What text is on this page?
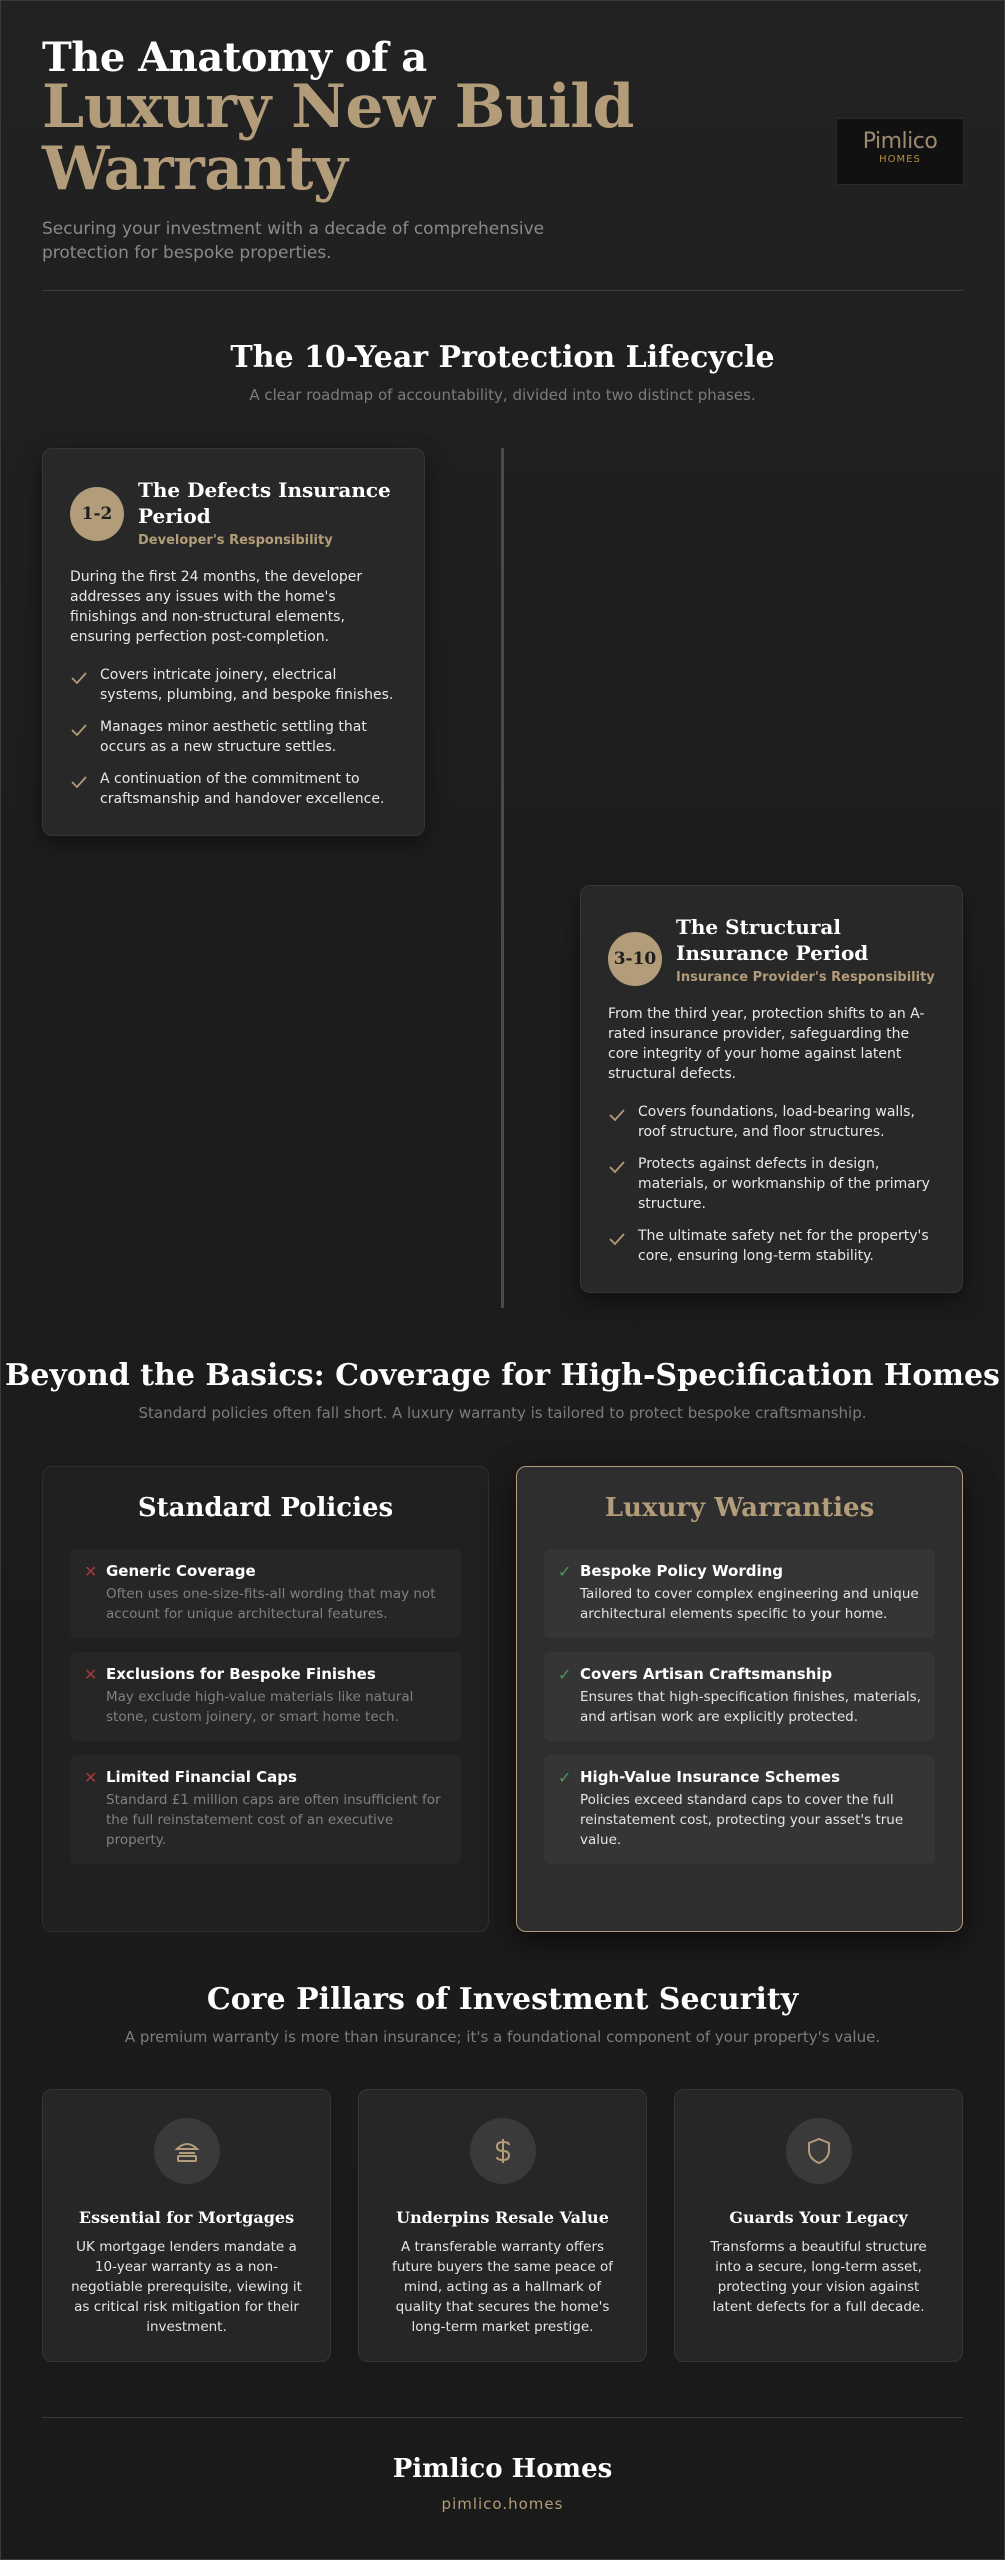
The Anatomy of a
Luxury New Build Warranty
Securing your investment with a decade of comprehensive protection for bespoke properties.
Pimlico
HOMES
The 10-Year Protection Lifecycle
A clear roadmap of accountability, divided into two distinct phases.
1-2
The Defects Insurance Period
Developer's Responsibility
During the first 24 months, the developer addresses any issues with the home's finishings and non-structural elements, ensuring perfection post-completion.
Covers intricate joinery, electrical systems, plumbing, and bespoke finishes.
Manages minor aesthetic settling that occurs as a new structure settles.
A continuation of the commitment to craftsmanship and handover excellence.
3-10
The Structural Insurance Period
Insurance Provider's Responsibility
From the third year, protection shifts to an A-rated insurance provider, safeguarding the core integrity of your home against latent structural defects.
Covers foundations, load-bearing walls, roof structure, and floor structures.
Protects against defects in design, materials, or workmanship of the primary structure.
The ultimate safety net for the property's core, ensuring long-term stability.
Beyond the Basics: Coverage for High-Specification Homes
Standard policies often fall short. A luxury warranty is tailored to protect bespoke craftsmanship.
Standard Policies
✕ Generic Coverage
Often uses one-size-fits-all wording that may not account for unique architectural features.
✕ Exclusions for Bespoke Finishes
May exclude high-value materials like natural stone, custom joinery, or smart home tech.
✕ Limited Financial Caps
Standard £1 million caps are often insufficient for the full reinstatement cost of an executive property.
Luxury Warranties
✓ Bespoke Policy Wording
Tailored to cover complex engineering and unique architectural elements specific to your home.
✓ Covers Artisan Craftsmanship
Ensures that high-specification finishes, materials, and artisan work are explicitly protected.
✓ High-Value Insurance Schemes
Policies exceed standard caps to cover the full reinstatement cost, protecting your asset's true value.
Core Pillars of Investment Security
A premium warranty is more than insurance; it's a foundational component of your property's value.
Essential for Mortgages
UK mortgage lenders mandate a 10-year warranty as a non-negotiable prerequisite, viewing it as critical risk mitigation for their investment.
Underpins Resale Value
A transferable warranty offers future buyers the same peace of mind, acting as a hallmark of quality that secures the home's long-term market prestige.
Guards Your Legacy
Transforms a beautiful structure into a secure, long-term asset, protecting your vision against latent defects for a full decade.
Pimlico Homes
pimlico.homes
